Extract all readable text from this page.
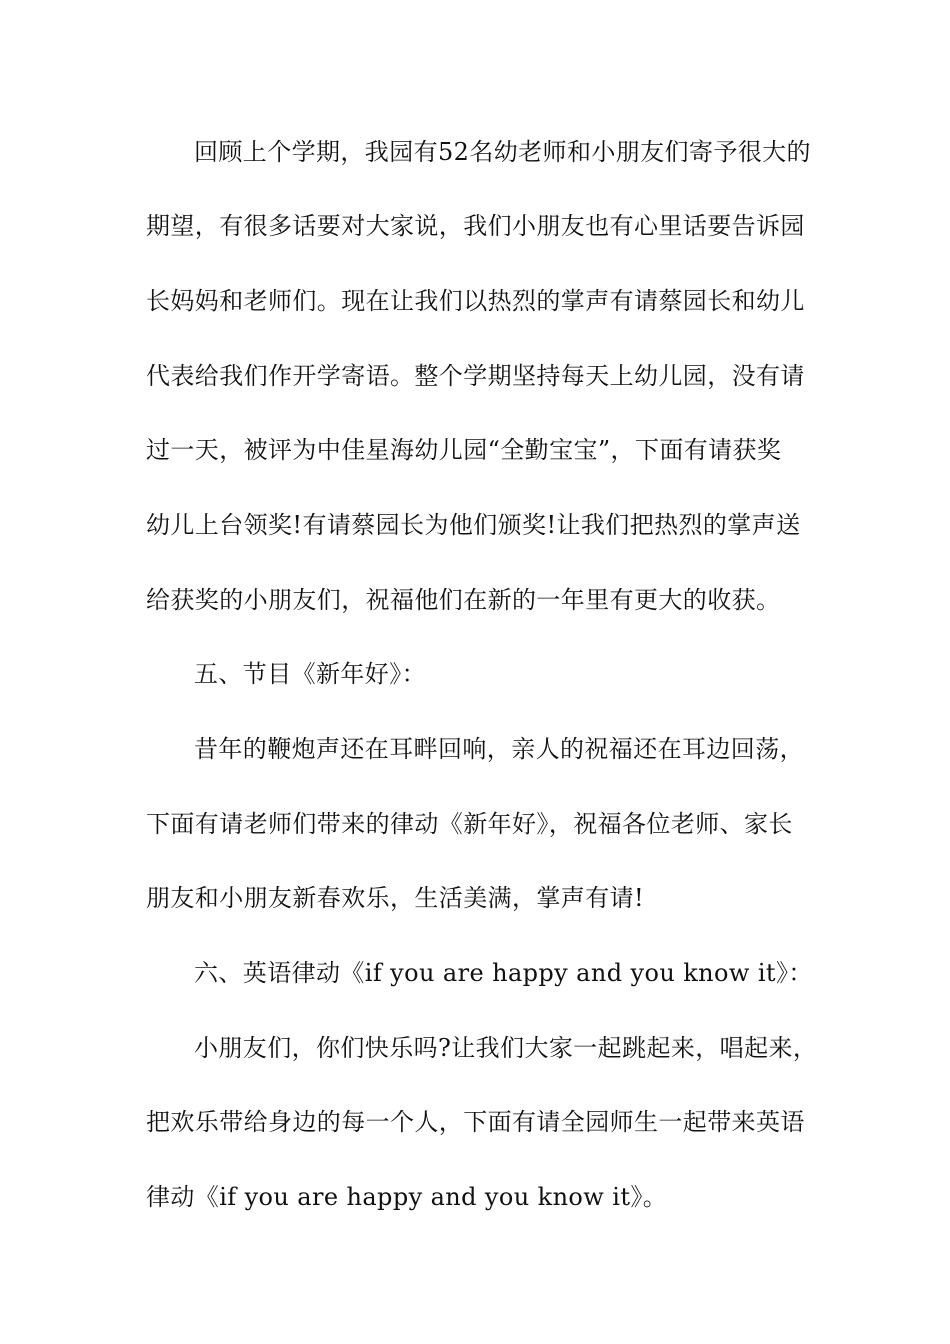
回顾上个学期，我园有52名幼老师和小朋友们寄予很大的
期望，有很多话要对大家说，我们小朋友也有心里话要告诉园
长妈妈和老师们。现在让我们以热烈的掌声有请蔡园长和幼儿
代表给我们作开学寄语。整个学期坚持每天上幼儿园，没有请
过一天，被评为中佳星海幼儿园“全勤宝宝”，下面有请获奖
幼儿上台领奖!有请蔡园长为他们颁奖!让我们把热烈的掌声送
给获奖的小朋友们，祝福他们在新的一年里有更大的收获。
五、节目《新年好》：
昔年的鞭炮声还在耳畔回响，亲人的祝福还在耳边回荡，
下面有请老师们带来的律动《新年好》，祝福各位老师、家长
朋友和小朋友新春欢乐，生活美满，掌声有请!
六、英语律动《if you are happy and you know it》：
小朋友们，你们快乐吗?让我们大家一起跳起来，唱起来，
把欢乐带给身边的每一个人，下面有请全园师生一起带来英语
律动《if you are happy and you know it》。
